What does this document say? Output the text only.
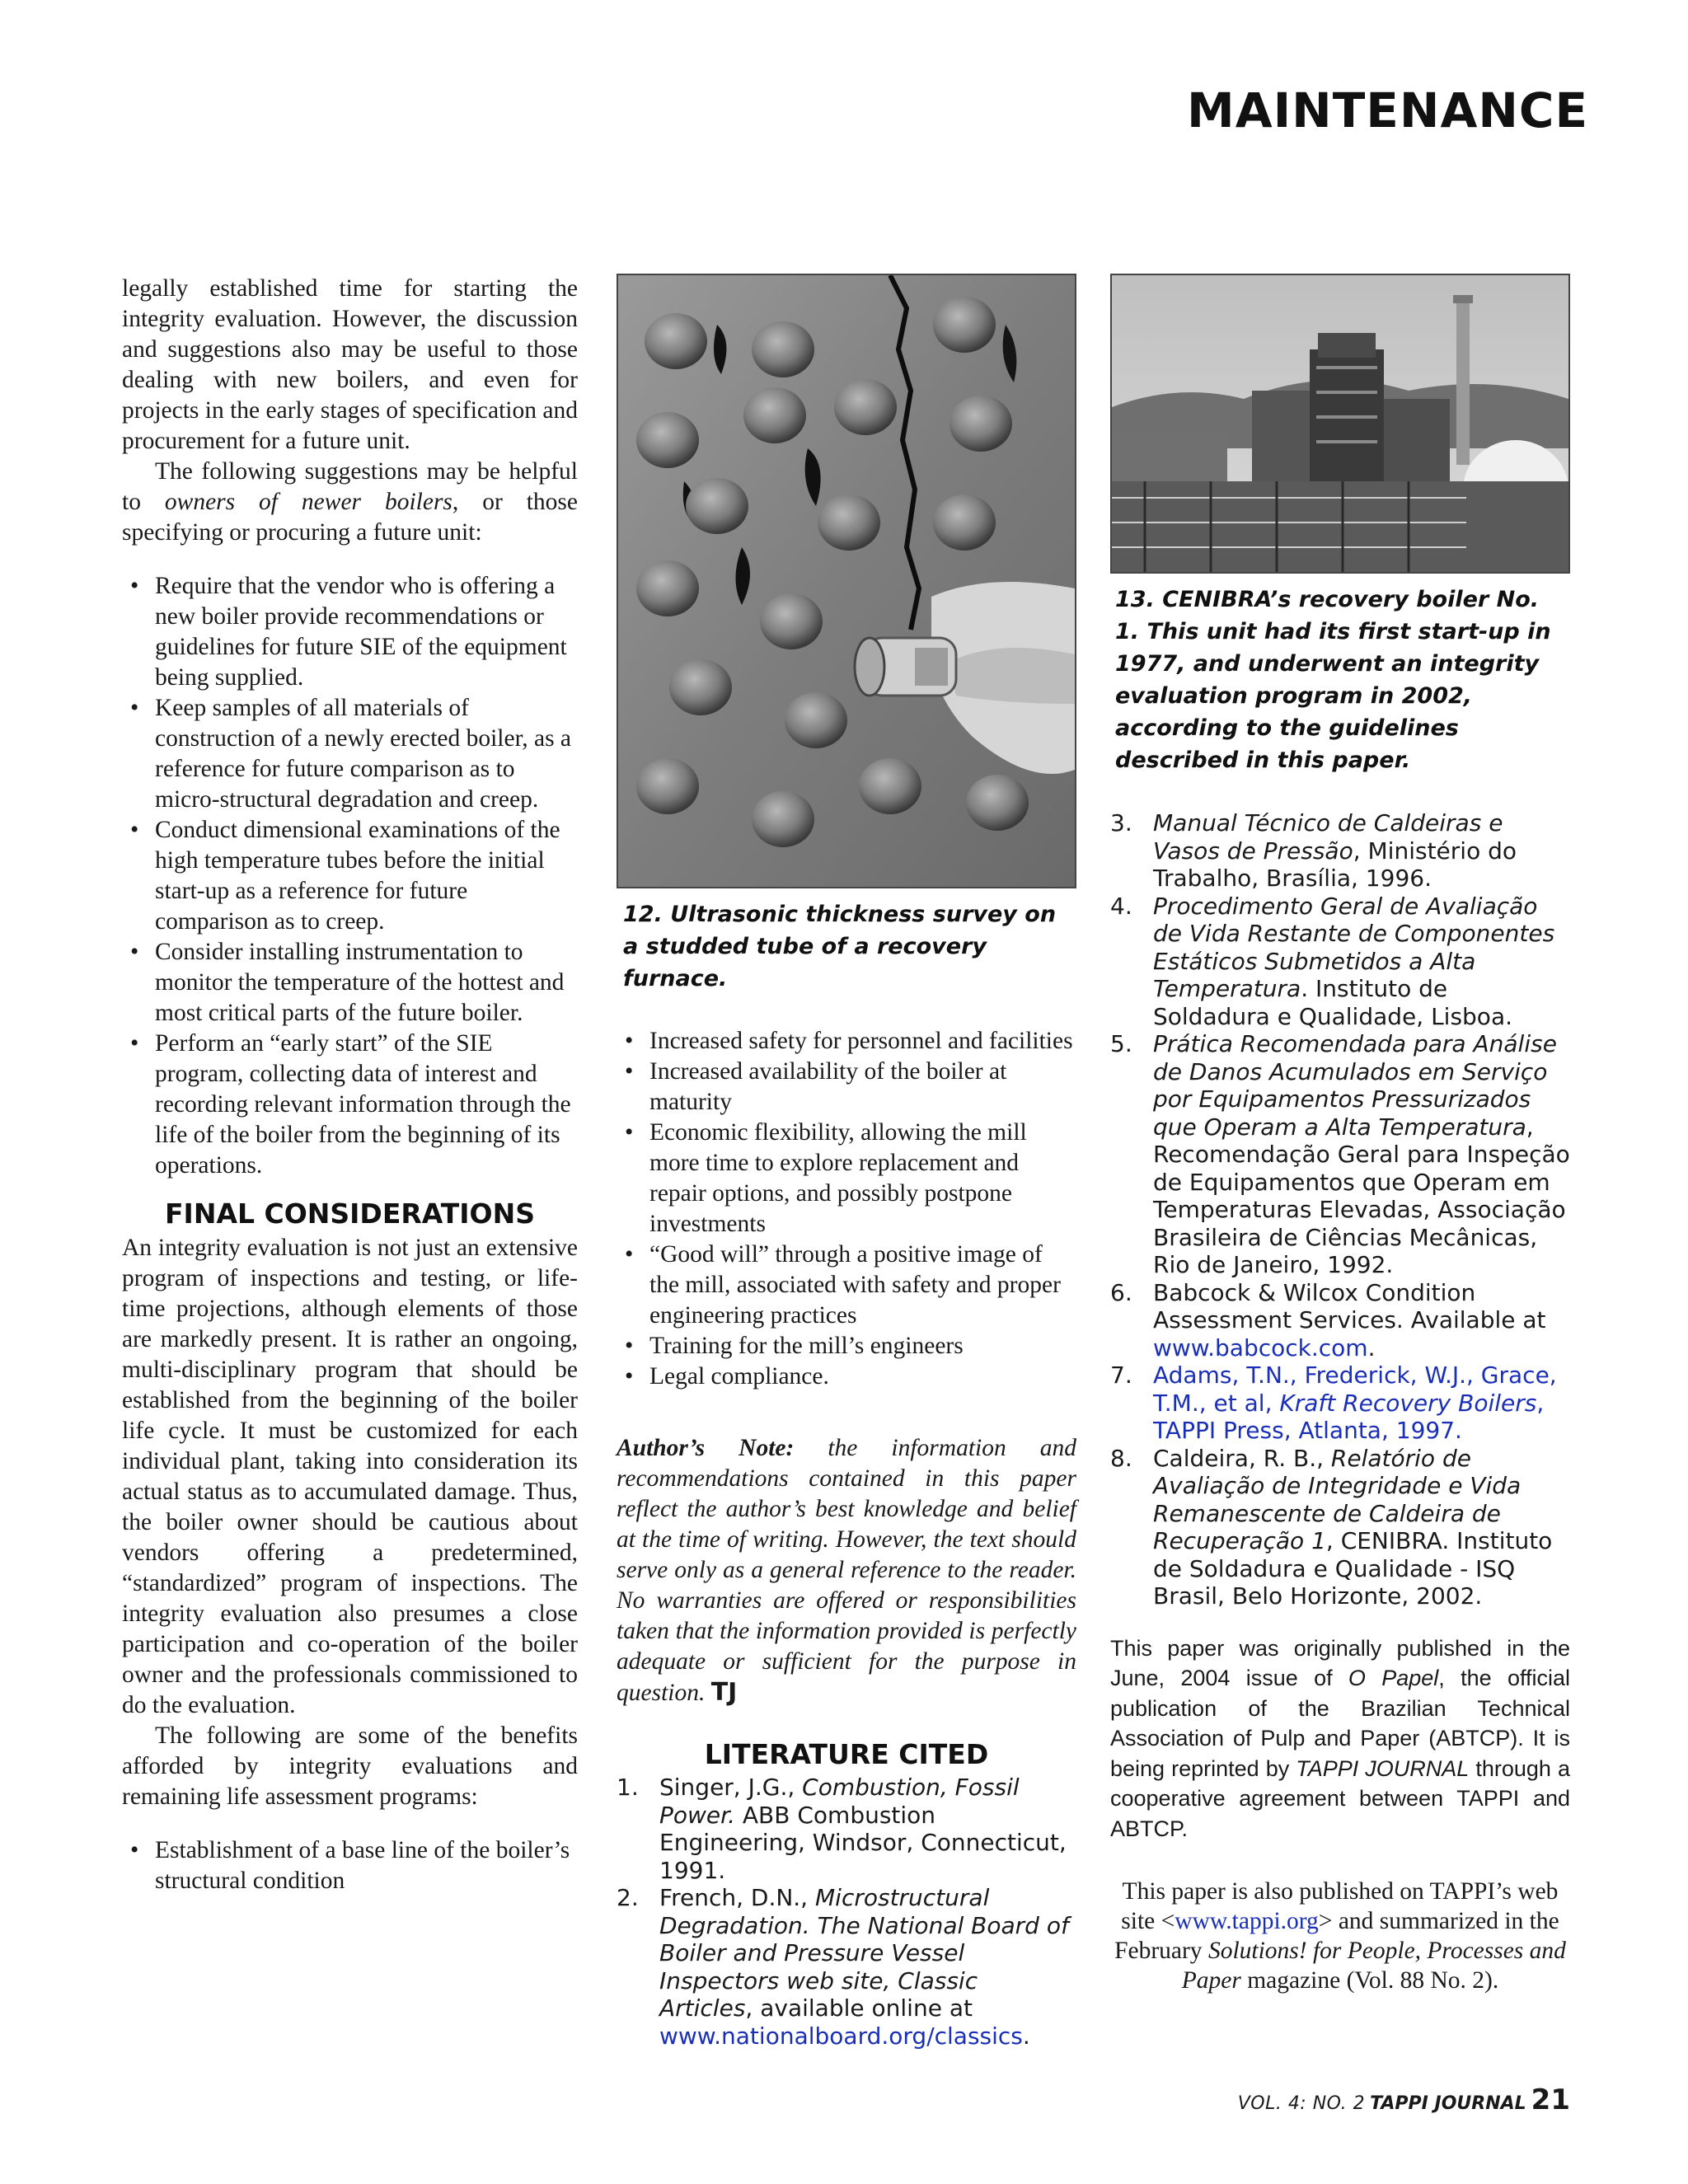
MAINTENANCE

legally established time for starting the integrity evaluation. However, the discussion and suggestions also may be useful to those dealing with new boilers, and even for projects in the early stages of specification and procurement for a future unit.

The following suggestions may be helpful to owners of newer boilers, or those specifying or procuring a future unit:

• Require that the vendor who is offering a new boiler provide recommendations or guidelines for future SIE of the equipment being supplied.
• Keep samples of all materials of construction of a newly erected boiler, as a reference for future comparison as to micro-structural degradation and creep.
• Conduct dimensional examinations of the high temperature tubes before the initial start-up as a reference for future comparison as to creep.
• Consider installing instrumentation to monitor the temperature of the hottest and most critical parts of the future boiler.
• Perform an “early start” of the SIE program, collecting data of interest and recording relevant information through the life of the boiler from the beginning of its operations.
FINAL CONSIDERATIONS

An integrity evaluation is not just an extensive program of inspections and testing, or life-time projections, although elements of those are markedly present. It is rather an ongoing, multi-disciplinary program that should be established from the beginning of the boiler life cycle. It must be customized for each individual plant, taking into consideration its actual status as to accumulated damage. Thus, the boiler owner should be cautious about vendors offering a predetermined, “standardized” program of inspections. The integrity evaluation also presumes a close participation and co-operation of the boiler owner and the professionals commissioned to do the evaluation.

The following are some of the benefits afforded by integrity evaluations and remaining life assessment programs:

• Establishment of a base line of the boiler’s structural condition
12. Ultrasonic thickness survey on a studded tube of a recovery furnace.
• Increased safety for personnel and facilities
• Increased availability of the boiler at maturity
• Economic flexibility, allowing the mill more time to explore replacement and repair options, and possibly postpone investments
• “Good will” through a positive image of the mill, associated with safety and proper engineering practices
• Training for the mill’s engineers
• Legal compliance.

Author’s Note: the information and recommendations contained in this paper reflect the author’s best knowledge and belief at the time of writing. However, the text should serve only as a general reference to the reader. No warranties are offered or responsibilities taken that the information provided is perfectly adequate or sufficient for the purpose in question. TJ

LITERATURE CITED
1. Singer, J.G., Combustion, Fossil Power. ABB Combustion Engineering, Windsor, Connecticut, 1991.
2. French, D.N., Microstructural Degradation. The National Board of Boiler and Pressure Vessel Inspectors web site, Classic Articles, available online at www.nationalboard.org/classics.
13. CENIBRA’s recovery boiler No. 1. This unit had its first start-up in 1977, and underwent an integrity evaluation program in 2002, according to the guidelines described in this paper.
3. Manual Técnico de Caldeiras e Vasos de Pressão, Ministério do Trabalho, Brasília, 1996.
4. Procedimento Geral de Avaliação de Vida Restante de Componentes Estáticos Submetidos a Alta Temperatura. Instituto de Soldadura e Qualidade, Lisboa.
5. Prática Recomendada para Análise de Danos Acumulados em Serviço por Equipamentos Pressurizados que Operam a Alta Temperatura, Recomendação Geral para Inspeção de Equipamentos que Operam em Temperaturas Elevadas, Associação Brasileira de Ciências Mecânicas, Rio de Janeiro, 1992.
6. Babcock & Wilcox Condition Assessment Services. Available at www.babcock.com.
7. Adams, T.N., Frederick, W.J., Grace, T.M., et al, Kraft Recovery Boilers, TAPPI Press, Atlanta, 1997.
8. Caldeira, R. B., Relatório de Avaliação de Integridade e Vida Remanescente de Caldeira de Recuperação 1, CENIBRA. Instituto de Soldadura e Qualidade - ISQ Brasil, Belo Horizonte, 2002.

This paper was originally published in the June, 2004 issue of O Papel, the official publication of the Brazilian Technical Association of Pulp and Paper (ABTCP). It is being reprinted by TAPPI JOURNAL through a cooperative agreement between TAPPI and ABTCP.

This paper is also published on TAPPI’s web site <www.tappi.org> and summarized in the February Solutions! for People, Processes and Paper magazine (Vol. 88 No. 2).

VOL. 4: NO. 2 TAPPI JOURNAL 21
